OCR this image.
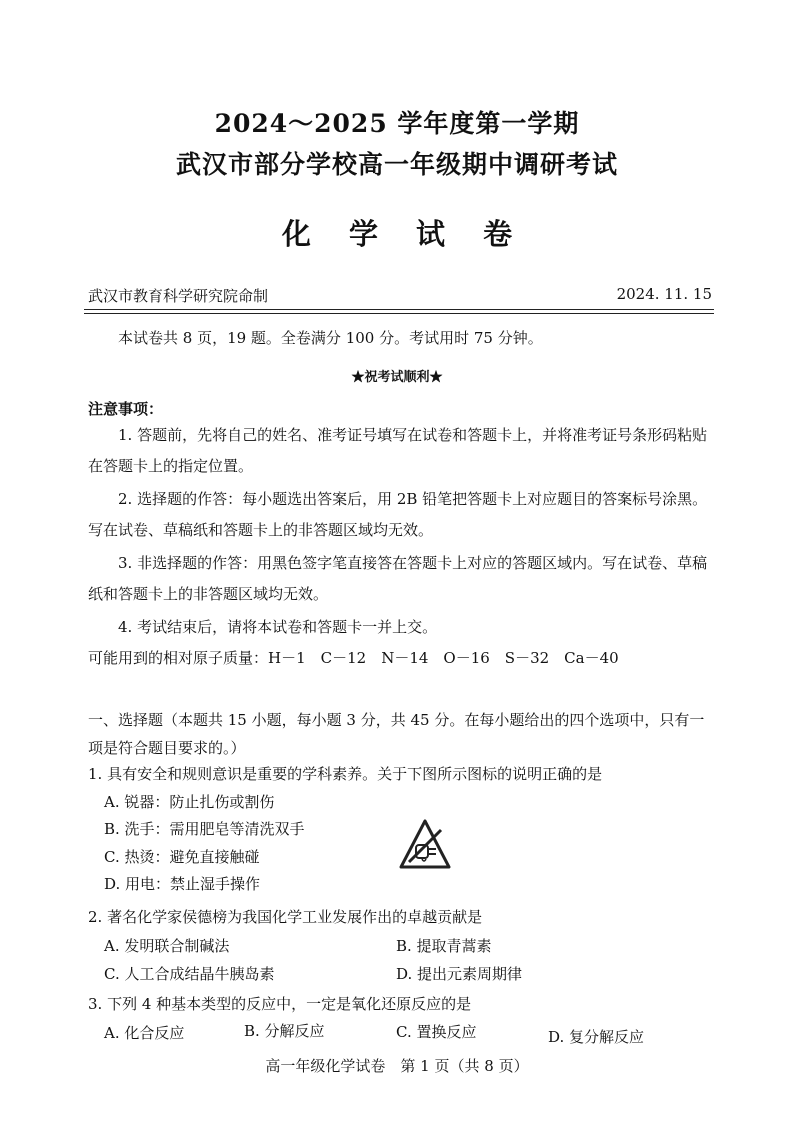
2024～2025 学年度第一学期
武汉市部分学校高一年级期中调研考试
化 学 试 卷
武汉市教育科学研究院命制	2024. 11. 15
本试卷共 8 页，19 题。全卷满分 100 分。考试用时 75 分钟。
★祝考试顺利★
注意事项：
1. 答题前，先将自己的姓名、准考证号填写在试卷和答题卡上，并将准考证号条形码粘贴在答题卡上的指定位置。
2. 选择题的作答：每小题选出答案后，用 2B 铅笔把答题卡上对应题目的答案标号涂黑。写在试卷、草稿纸和答题卡上的非答题区域均无效。
3. 非选择题的作答：用黑色签字笔直接答在答题卡上对应的答题区域内。写在试卷、草稿纸和答题卡上的非答题区域均无效。
4. 考试结束后，请将本试卷和答题卡一并上交。
可能用到的相对原子质量：H－1　C－12　N－14　O－16　S－32　Ca－40
一、选择题（本题共 15 小题，每小题 3 分，共 45 分。在每小题给出的四个选项中，只有一项是符合题目要求的。）
1. 具有安全和规则意识是重要的学科素养。关于下图所示图标的说明正确的是
A. 锐器：防止扎伤或割伤
B. 洗手：需用肥皂等清洗双手
C. 热烫：避免直接触碰
D. 用电：禁止湿手操作
2. 著名化学家侯德榜为我国化学工业发展作出的卓越贡献是
A. 发明联合制碱法	B. 提取青蒿素
C. 人工合成结晶牛胰岛素	D. 提出元素周期律
3. 下列 4 种基本类型的反应中，一定是氧化还原反应的是
A. 化合反应	B. 分解反应	C. 置换反应	D. 复分解反应
高一年级化学试卷　第 1 页（共 8 页）
